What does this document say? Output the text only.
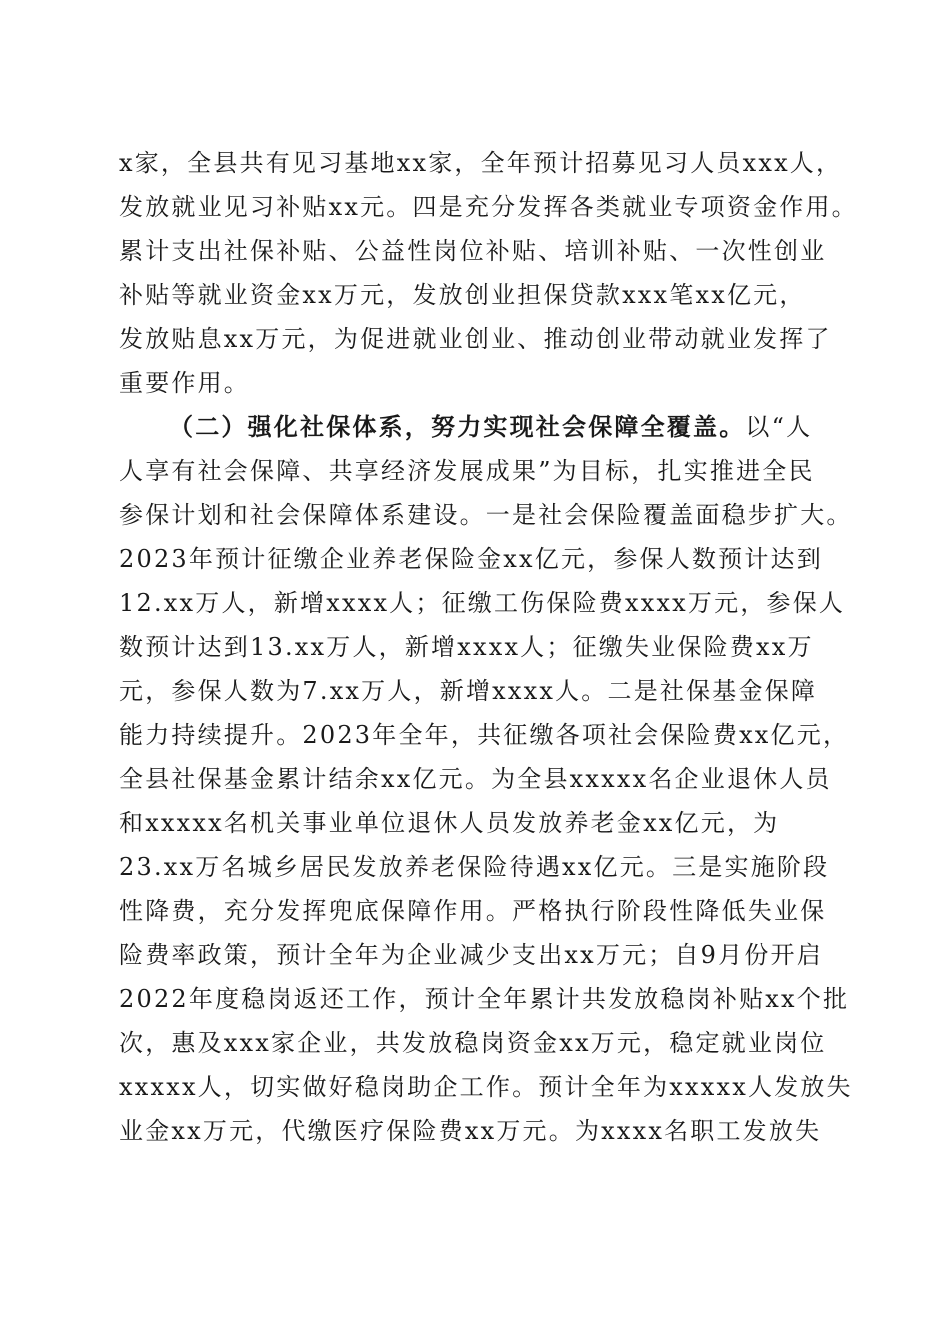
x家，全县共有见习基地xx家，全年预计招募见习人员xxx人，
发放就业见习补贴xx元。四是充分发挥各类就业专项资金作用。
累计支出社保补贴、公益性岗位补贴、培训补贴、一次性创业
补贴等就业资金xx万元，发放创业担保贷款xxx笔xx亿元，
发放贴息xx万元，为促进就业创业、推动创业带动就业发挥了
重要作用。
（二）强化社保体系，努力实现社会保障全覆盖。以“人
人享有社会保障、共享经济发展成果”为目标，扎实推进全民
参保计划和社会保障体系建设。一是社会保险覆盖面稳步扩大。
2023年预计征缴企业养老保险金xx亿元，参保人数预计达到
12.xx万人，新增xxxx人；征缴工伤保险费xxxx万元，参保人
数预计达到13.xx万人，新增xxxx人；征缴失业保险费xx万
元，参保人数为7.xx万人，新增xxxx人。二是社保基金保障
能力持续提升。2023年全年，共征缴各项社会保险费xx亿元，
全县社保基金累计结余xx亿元。为全县xxxxx名企业退休人员
和xxxxx名机关事业单位退休人员发放养老金xx亿元，为
23.xx万名城乡居民发放养老保险待遇xx亿元。三是实施阶段
性降费，充分发挥兜底保障作用。严格执行阶段性降低失业保
险费率政策，预计全年为企业减少支出xx万元；自9月份开启
2022年度稳岗返还工作，预计全年累计共发放稳岗补贴xx个批
次，惠及xxx家企业，共发放稳岗资金xx万元，稳定就业岗位
xxxxx人，切实做好稳岗助企工作。预计全年为xxxxx人发放失
业金xx万元，代缴医疗保险费xx万元。为xxxx名职工发放失
